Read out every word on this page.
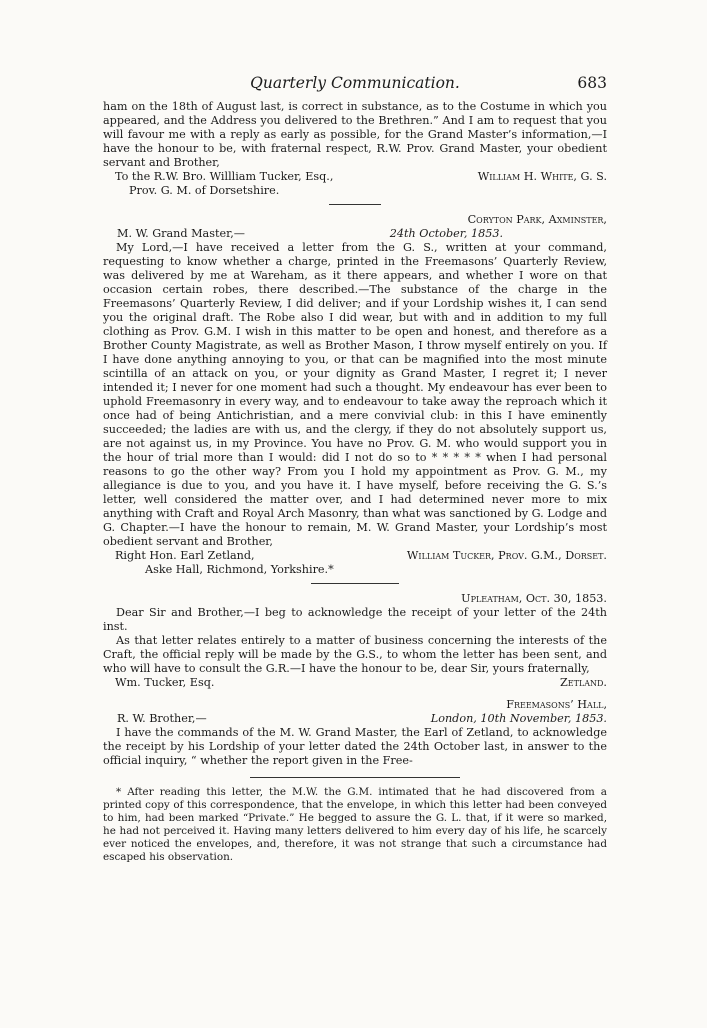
Quarterly Communication.	683

ham on the 18th of August last, is correct in substance, as to the Costume in which you appeared, and the Address you delivered to the Brethren.” And I am to request that you will favour me with a reply as early as possible, for the Grand Master’s information,—I have the honour to be, with fraternal respect, R.W. Prov. Grand Master, your obedient servant and Brother,

To the R.W. Bro. Willliam Tucker, Esq.,	William H. White, G. S.
Prov. G. M. of Dorsetshire.
Coryton Park, Axminster,
M. W. Grand Master,—	24th October, 1853.

My Lord,—I have received a letter from the G. S., written at your command, requesting to know whether a charge, printed in the Freemasons’ Quarterly Review, was delivered by me at Wareham, as it there appears, and whether I wore on that occasion certain robes, there described.—The substance of the charge in the Freemasons’ Quarterly Review, I did deliver; and if your Lordship wishes it, I can send you the original draft. The Robe also I did wear, but with and in addition to my full clothing as Prov. G.M. I wish in this matter to be open and honest, and therefore as a Brother County Magistrate, as well as Brother Mason, I throw myself entirely on you. If I have done anything annoying to you, or that can be magnified into the most minute scintilla of an attack on you, or your dignity as Grand Master, I regret it; I never intended it; I never for one moment had such a thought. My endeavour has ever been to uphold Freemasonry in every way, and to endeavour to take away the reproach which it once had of being Antichristian, and a mere convivial club: in this I have eminently succeeded; the ladies are with us, and the clergy, if they do not absolutely support us, are not against us, in my Province. You have no Prov. G. M. who would support you in the hour of trial more than I would: did I not do so to * * * * * when I had personal reasons to go the other way? From you I hold my appointment as Prov. G. M., my allegiance is due to you, and you have it. I have myself, before receiving the G. S.’s letter, well considered the matter over, and I had determined never more to mix anything with Craft and Royal Arch Masonry, than what was sanctioned by G. Lodge and G. Chapter.—I have the honour to remain, M. W. Grand Master, your Lordship’s most obedient servant and Brother,

Right Hon. Earl Zetland,	William Tucker, Prov. G.M., Dorset.
Aske Hall, Richmond, Yorkshire.*
Upleatham, Oct. 30, 1853.

Dear Sir and Brother,—I beg to acknowledge the receipt of your letter of the 24th inst.

As that letter relates entirely to a matter of business concerning the interests of the Craft, the official reply will be made by the G.S., to whom the letter has been sent, and who will have to consult the G.R.—I have the honour to be, dear Sir, yours fraternally,

Wm. Tucker, Esq.	Zetland.
Freemasons’ Hall,
R. W. Brother,—	London, 10th November, 1853.

I have the commands of the M. W. Grand Master, the Earl of Zetland, to acknowledge the receipt by his Lordship of your letter dated the 24th October last, in answer to the official inquiry, “ whether the report given in the Free-

* After reading this letter, the M.W. the G.M. intimated that he had discovered from a printed copy of this correspondence, that the envelope, in which this letter had been conveyed to him, had been marked “Private.” He begged to assure the G. L. that, if it were so marked, he had not perceived it. Having many letters delivered to him every day of his life, he scarcely ever noticed the envelopes, and, therefore, it was not strange that such a circumstance had escaped his observation.
